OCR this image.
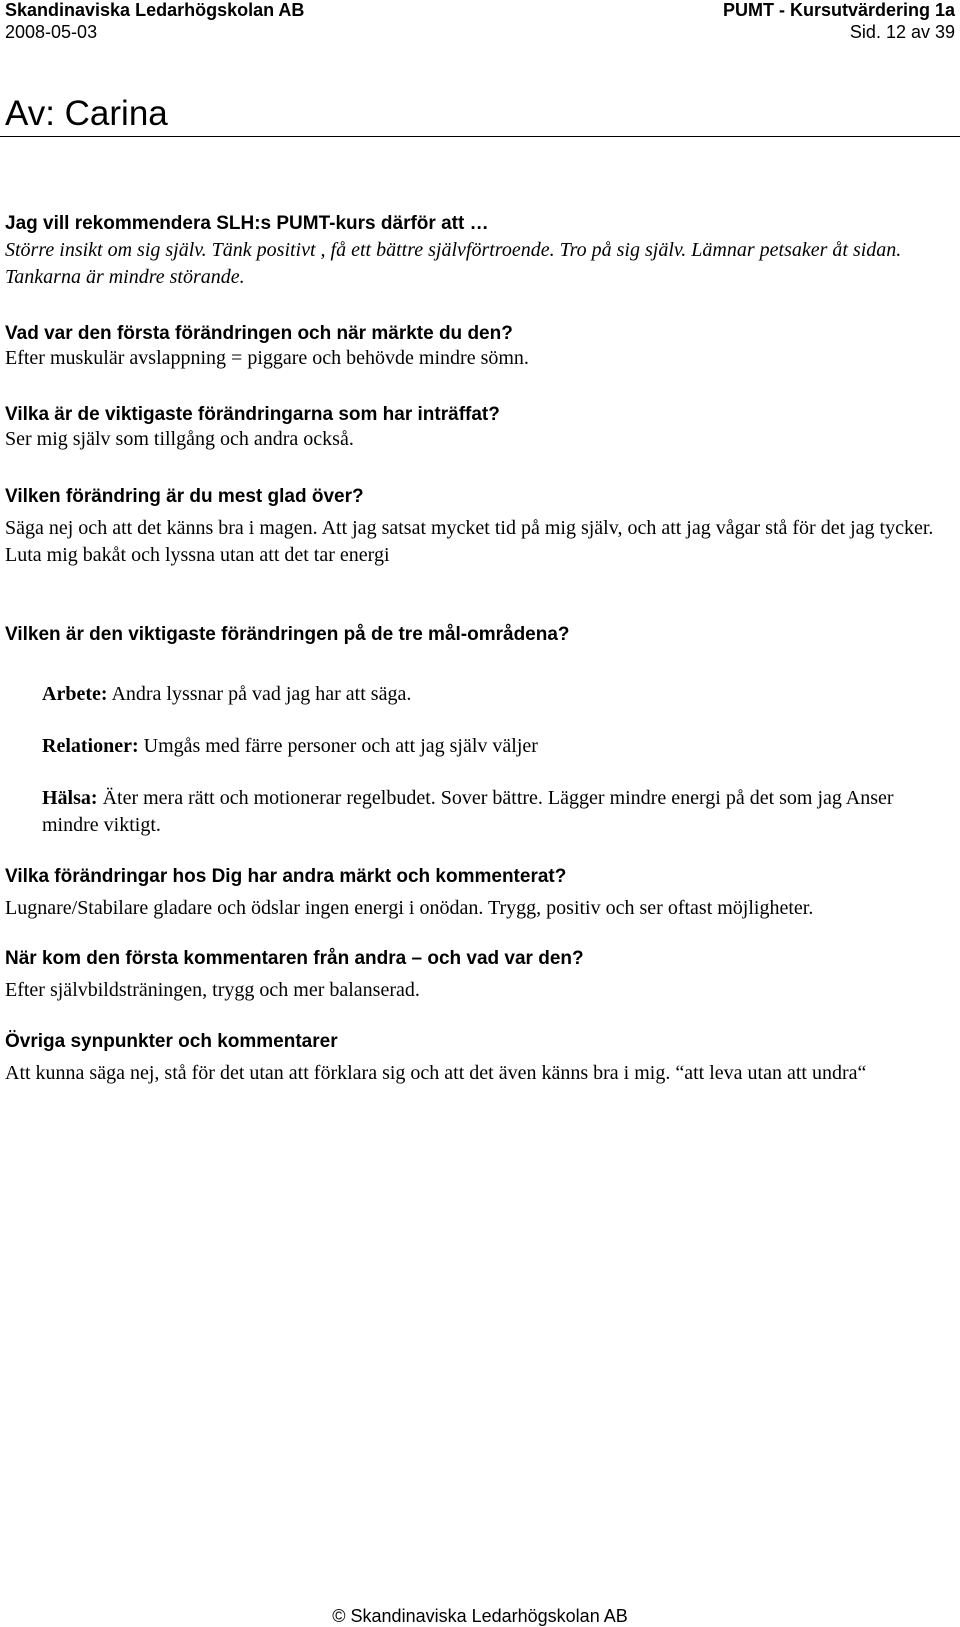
Skandinaviska Ledarhögskolan AB	PUMT - Kursutvärdering 1a
2008-05-03	Sid. 12 av 39
Av: Carina
Jag vill rekommendera SLH:s PUMT-kurs därför att …
Större insikt om sig själv. Tänk positivt , få ett bättre självförtroende. Tro på sig själv. Lämnar petsaker åt sidan. Tankarna är mindre störande.
Vad var den första förändringen och när märkte du den?
Efter muskulär avslappning = piggare och behövde mindre sömn.
Vilka är de viktigaste förändringarna som har inträffat?
Ser mig själv som tillgång och andra också.
Vilken förändring är du mest glad över?
Säga nej och att det känns bra i magen. Att jag satsat mycket tid på mig själv, och att jag vågar stå för det jag tycker. Luta mig bakåt och lyssna utan att det tar energi
Vilken är den viktigaste förändringen på de tre mål-områdena?
Arbete: Andra lyssnar på vad jag har att säga.
Relationer: Umgås med färre personer och att jag själv väljer
Hälsa: Äter mera rätt och motionerar regelbudet. Sover bättre. Lägger mindre energi på det som jag Anser mindre viktigt.
Vilka förändringar hos Dig har andra märkt och kommenterat?
Lugnare/Stabilare gladare och ödslar ingen energi i onödan. Trygg, positiv och ser oftast möjligheter.
När kom den första kommentaren från andra – och vad var den?
Efter självbildsträningen, trygg och mer balanserad.
Övriga synpunkter och kommentarer
Att kunna säga nej, stå för det utan att förklara sig och att det även känns bra i mig. “att leva utan att undra“
© Skandinaviska Ledarhögskolan AB
